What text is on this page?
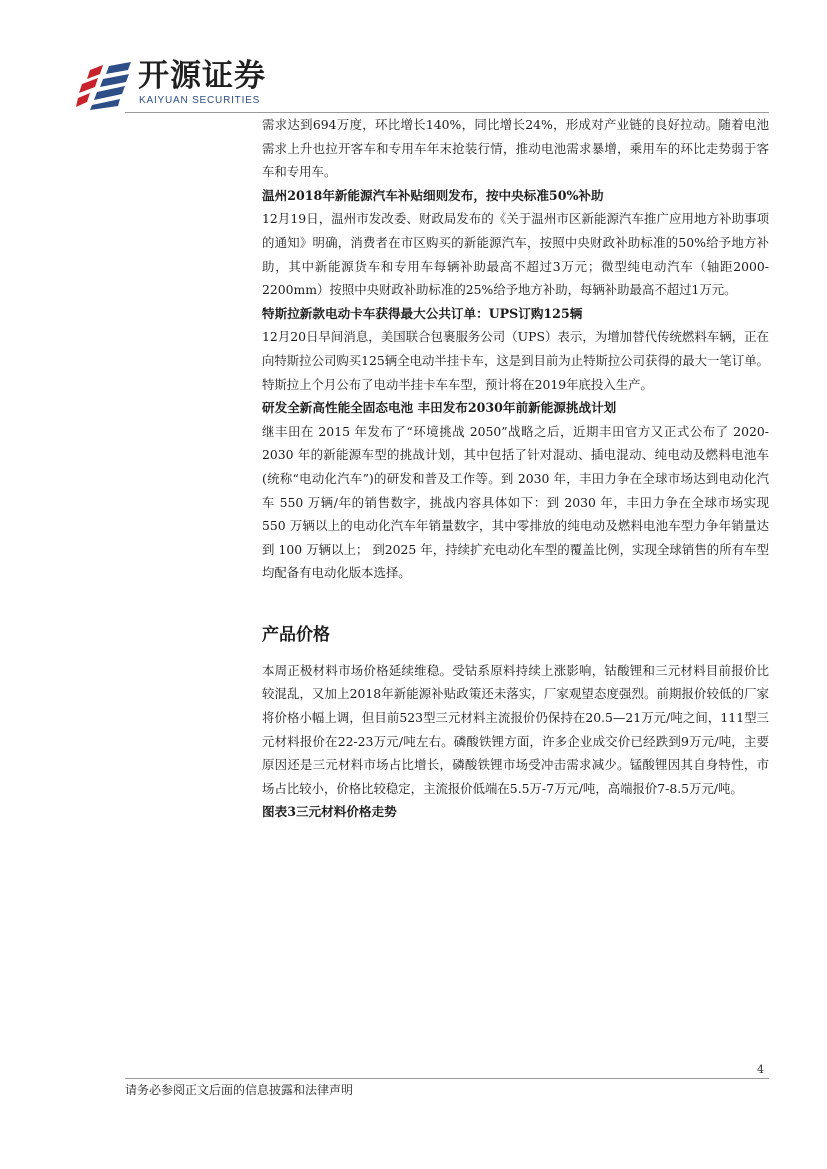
开源证券
KAIYUAN SECURITIES

需求达到694万度，环比增长140%，同比增长24%，形成对产业链的良好拉动。随着电池需求上升也拉开客车和专用车年末抢装行情，推动电池需求暴增，乘用车的环比走势弱于客车和专用车。

温州2018年新能源汽车补贴细则发布，按中央标准50%补助

12月19日，温州市发改委、财政局发布的《关于温州市区新能源汽车推广应用地方补助事项的通知》明确，消费者在市区购买的新能源汽车，按照中央财政补助标准的50%给予地方补助，其中新能源货车和专用车每辆补助最高不超过3万元；微型纯电动汽车（轴距2000-2200mm）按照中央财政补助标准的25%给予地方补助，每辆补助最高不超过1万元。

特斯拉新款电动卡车获得最大公共订单：UPS订购125辆

12月20日早间消息，美国联合包裹服务公司（UPS）表示，为增加替代传统燃料车辆，正在向特斯拉公司购买125辆全电动半挂卡车，这是到目前为止特斯拉公司获得的最大一笔订单。特斯拉上个月公布了电动半挂卡车车型，预计将在2019年底投入生产。

研发全新高性能全固态电池 丰田发布2030年前新能源挑战计划

继丰田在 2015 年发布了“环境挑战 2050”战略之后，近期丰田官方又正式公布了 2020-2030 年的新能源车型的挑战计划，其中包括了针对混动、插电混动、纯电动及燃料电池车(统称“电动化汽车”)的研发和普及工作等。到 2030 年，丰田力争在全球市场达到电动化汽车 550 万辆/年的销售数字，挑战内容具体如下：到 2030 年，丰田力争在全球市场实现 550 万辆以上的电动化汽车年销量数字，其中零排放的纯电动及燃料电池车型力争年销量达到 100 万辆以上； 到2025 年，持续扩充电动化车型的覆盖比例，实现全球销售的所有车型均配备有电动化版本选择。

产品价格

本周正极材料市场价格延续维稳。受钴系原料持续上涨影响，钴酸锂和三元材料目前报价比较混乱，又加上2018年新能源补贴政策还未落实，厂家观望态度强烈。前期报价较低的厂家将价格小幅上调，但目前523型三元材料主流报价仍保持在20.5—21万元/吨之间，111型三元材料报价在22-23万元/吨左右。磷酸铁锂方面，许多企业成交价已经跌到9万元/吨，主要原因还是三元材料市场占比增长，磷酸铁锂市场受冲击需求减少。锰酸锂因其自身特性，市场占比较小，价格比较稳定，主流报价低端在5.5万-7万元/吨，高端报价7-8.5万元/吨。

图表3三元材料价格走势

4
请务必参阅正文后面的信息披露和法律声明
